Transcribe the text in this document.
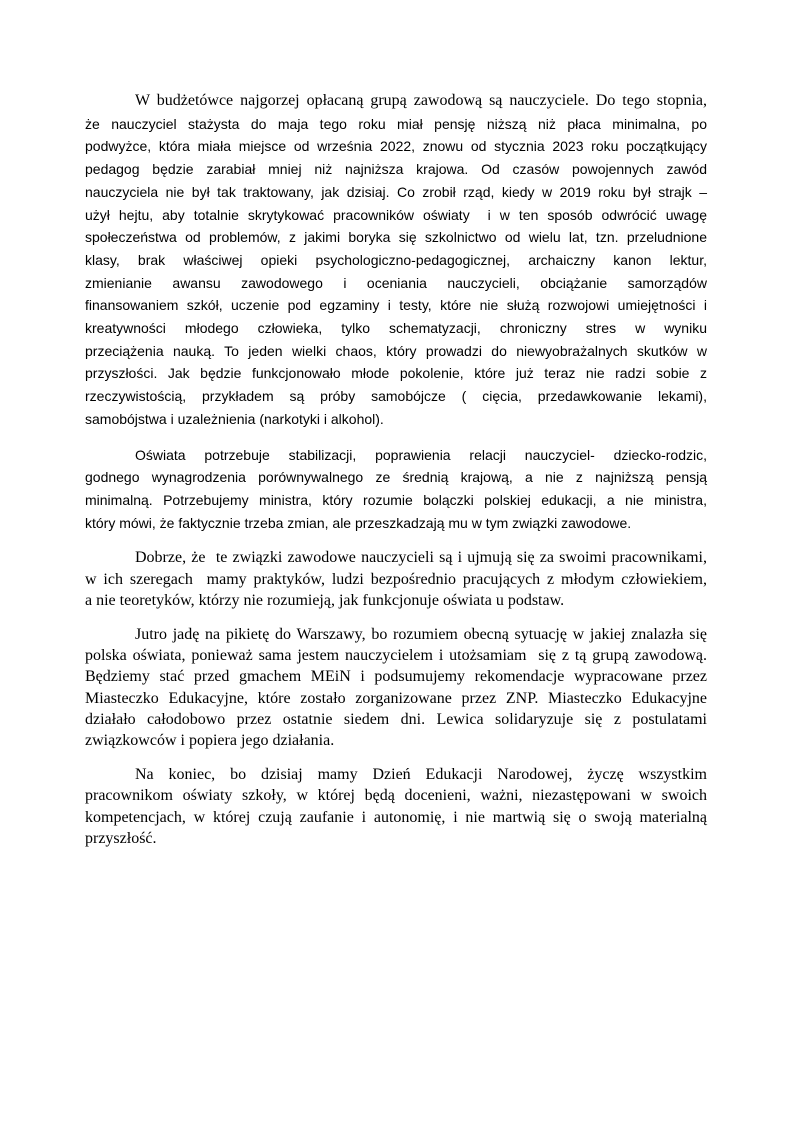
W budżetówce najgorzej opłacaną grupą zawodową są nauczyciele. Do tego stopnia,
że nauczyciel stażysta do maja tego roku miał pensję niższą niż płaca minimalna, po
podwyżce, która miała miejsce od września 2022, znowu od stycznia 2023 roku początkujący
pedagog będzie zarabiał mniej niż najniższa krajowa. Od czasów powojennych zawód
nauczyciela nie był tak traktowany, jak dzisiaj. Co zrobił rząd, kiedy w 2019 roku był strajk –
użył hejtu, aby totalnie skrytykować pracowników oświaty  i w ten sposób odwrócić uwagę
społeczeństwa od problemów, z jakimi boryka się szkolnictwo od wielu lat, tzn. przeludnione
klasy, brak właściwej opieki psychologiczno-pedagogicznej, archaiczny kanon lektur,
zmienianie awansu zawodowego i oceniania nauczycieli, obciążanie samorządów
finansowaniem szkół, uczenie pod egzaminy i testy, które nie służą rozwojowi umiejętności i
kreatywności młodego człowieka, tylko schematyzacji, chroniczny stres w wyniku
przeciążenia nauką. To jeden wielki chaos, który prowadzi do niewyobrażalnych skutków w
przyszłości. Jak będzie funkcjonowało młode pokolenie, które już teraz nie radzi sobie z
rzeczywistością, przykładem są próby samobójcze ( cięcia, przedawkowanie lekami),
samobójstwa i uzależnienia (narkotyki i alkohol).
Oświata potrzebuje stabilizacji, poprawienia relacji nauczyciel- dziecko-rodzic,
godnego wynagrodzenia porównywalnego ze średnią krajową, a nie z najniższą pensją
minimalną. Potrzebujemy ministra, który rozumie bolączki polskiej edukacji, a nie ministra,
który mówi, że faktycznie trzeba zmian, ale przeszkadzają mu w tym związki zawodowe.
Dobrze, że  te związki zawodowe nauczycieli są i ujmują się za swoimi pracownikami,
w ich szeregach  mamy praktyków, ludzi bezpośrednio pracujących z młodym człowiekiem,
a nie teoretyków, którzy nie rozumieją, jak funkcjonuje oświata u podstaw.
Jutro jadę na pikietę do Warszawy, bo rozumiem obecną sytuację w jakiej znalazła się
polska oświata, ponieważ sama jestem nauczycielem i utożsamiam  się z tą grupą zawodową.
Będziemy stać przed gmachem MEiN i podsumujemy rekomendacje wypracowane przez
Miasteczko Edukacyjne, które zostało zorganizowane przez ZNP. Miasteczko Edukacyjne
działało całodobowo przez ostatnie siedem dni. Lewica solidaryzuje się z postulatami
związkowców i popiera jego działania.
Na koniec, bo dzisiaj mamy Dzień Edukacji Narodowej, życzę wszystkim
pracownikom oświaty szkoły, w której będą docenieni, ważni, niezastępowani w swoich
kompetencjach, w której czują zaufanie i autonomię, i nie martwią się o swoją materialną
przyszłość.
